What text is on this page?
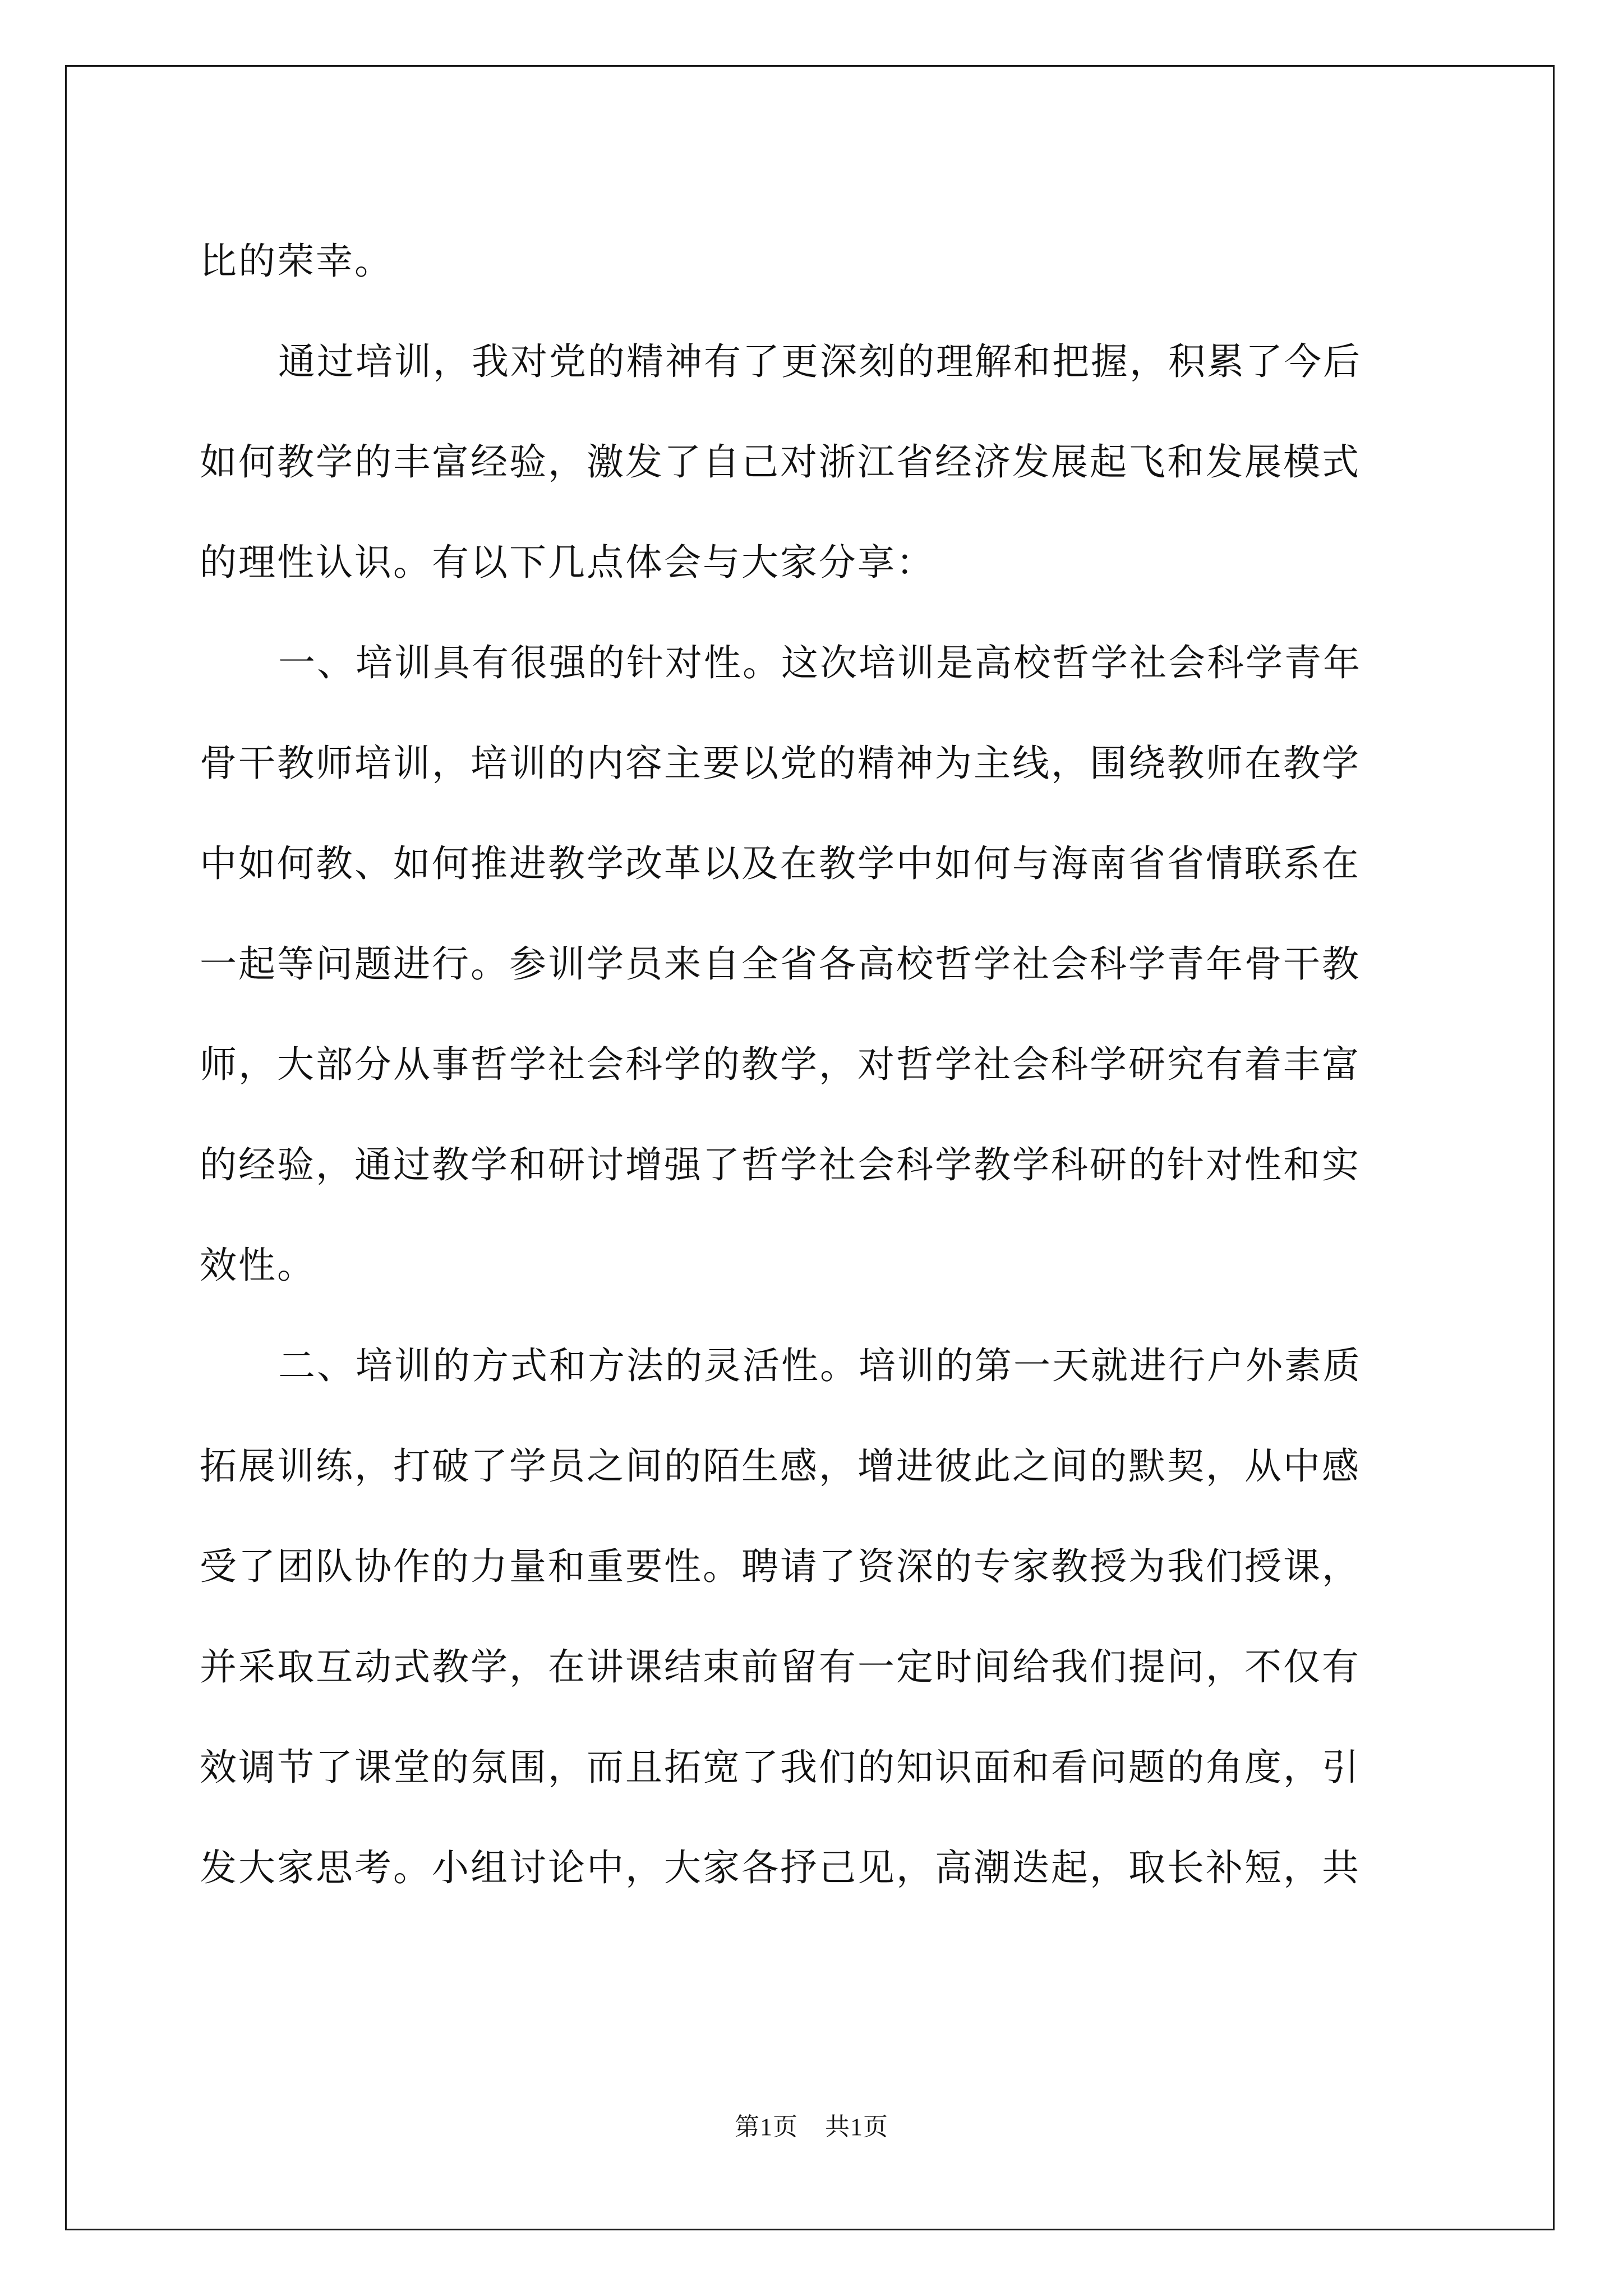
比的荣幸。
通过培训，我对党的精神有了更深刻的理解和把握，积累了今后
如何教学的丰富经验，激发了自己对浙江省经济发展起飞和发展模式
的理性认识。有以下几点体会与大家分享：
一、培训具有很强的针对性。这次培训是高校哲学社会科学青年
骨干教师培训，培训的内容主要以党的精神为主线，围绕教师在教学
中如何教、如何推进教学改革以及在教学中如何与海南省省情联系在
一起等问题进行。参训学员来自全省各高校哲学社会科学青年骨干教
师，大部分从事哲学社会科学的教学，对哲学社会科学研究有着丰富
的经验，通过教学和研讨增强了哲学社会科学教学科研的针对性和实
效性。
二、培训的方式和方法的灵活性。培训的第一天就进行户外素质
拓展训练，打破了学员之间的陌生感，增进彼此之间的默契，从中感
受了团队协作的力量和重要性。聘请了资深的专家教授为我们授课，
并采取互动式教学，在讲课结束前留有一定时间给我们提问，不仅有
效调节了课堂的氛围，而且拓宽了我们的知识面和看问题的角度，引
发大家思考。小组讨论中，大家各抒己见，高潮迭起，取长补短，共
第1页 共1页
